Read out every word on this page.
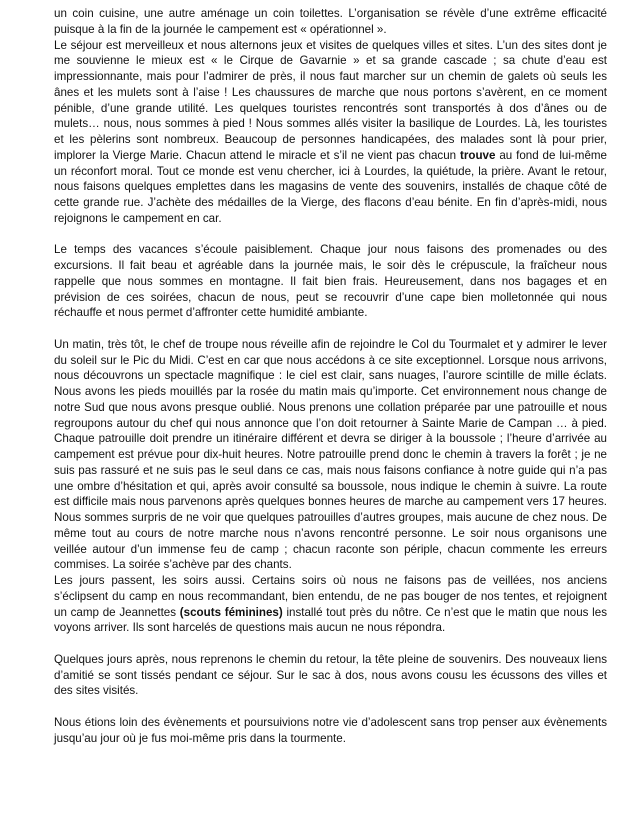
un coin cuisine, une autre aménage un coin toilettes. L’organisation se révèle d’une extrême efficacité puisque à la fin de la journée le campement est « opérationnel ».

Le séjour est merveilleux et nous alternons jeux et visites de quelques villes et sites. L’un des sites dont je me souvienne le mieux est « le Cirque de Gavarnie » et sa grande cascade ; sa chute d’eau est impressionnante, mais pour l’admirer de près, il nous faut marcher sur un chemin de galets où seuls les ânes et les mulets sont à l’aise ! Les chaussures de marche que nous portons s’avèrent, en ce moment pénible, d’une grande utilité. Les quelques touristes rencontrés sont transportés à dos d’ânes ou de mulets… nous, nous sommes à pied ! Nous sommes allés visiter la basilique de Lourdes. Là, les touristes et les pèlerins sont nombreux. Beaucoup de personnes handicapées, des malades sont là pour prier, implorer la Vierge Marie. Chacun attend le miracle et s’il ne vient pas chacun trouve au fond de lui-même un réconfort moral. Tout ce monde est venu chercher, ici à Lourdes, la quiétude, la prière. Avant le retour, nous faisons quelques emplettes dans les magasins de vente des souvenirs, installés de chaque côté de cette grande rue. J’achète des médailles de la Vierge, des flacons d’eau bénite. En fin d’après-midi, nous rejoignons le campement en car.

Le temps des vacances s’écoule paisiblement. Chaque jour nous faisons des promenades ou des excursions. Il fait beau et agréable dans la journée mais, le soir dès le crépuscule, la fraîcheur nous rappelle que nous sommes en montagne. Il fait bien frais. Heureusement, dans nos bagages et en prévision de ces soirées, chacun de nous, peut se recouvrir d’une cape bien molletonnée qui nous réchauffe et nous permet d’affronter cette humidité ambiante.

Un matin, très tôt, le chef de troupe nous réveille afin de rejoindre le Col du Tourmalet et y admirer le lever du soleil sur le Pic du Midi. C’est en car que nous accédons à ce site exceptionnel. Lorsque nous arrivons, nous découvrons un spectacle magnifique : le ciel est clair, sans nuages, l’aurore scintille de mille éclats. Nous avons les pieds mouillés par la rosée du matin mais qu’importe. Cet environnement nous change de notre Sud que nous avons presque oublié. Nous prenons une collation préparée par une patrouille et nous regroupons autour du chef qui nous annonce que l’on doit retourner à Sainte Marie de Campan … à pied. Chaque patrouille doit prendre un itinéraire différent et devra se diriger à la boussole ; l’heure d’arrivée au campement est prévue pour dix-huit heures. Notre patrouille prend donc le chemin à travers la forêt ; je ne suis pas rassuré et ne suis pas le seul dans ce cas, mais nous faisons confiance à notre guide qui n’a pas une ombre d’hésitation et qui, après avoir consulté sa boussole, nous indique le chemin à suivre. La route est difficile mais nous parvenons après quelques bonnes heures de marche au campement vers 17 heures. Nous sommes surpris de ne voir que quelques patrouilles d’autres groupes, mais aucune de chez nous. De même tout au cours de notre marche nous n’avons rencontré personne. Le soir nous organisons une veillée autour d’un immense feu de camp ; chacun raconte son périple, chacun commente les erreurs commises. La soirée s’achève par des chants.

Les jours passent, les soirs aussi. Certains soirs où nous ne faisons pas de veillées, nos anciens s’éclipsent du camp en nous recommandant, bien entendu, de ne pas bouger de nos tentes, et rejoignent un camp de Jeannettes (scouts féminines) installé tout près du nôtre. Ce n’est que le matin que nous les voyons arriver. Ils sont harcelés de questions mais aucun ne nous répondra.

Quelques jours après, nous reprenons le chemin du retour, la tête pleine de souvenirs. Des nouveaux liens d’amitié se sont tissés pendant ce séjour. Sur le sac à dos, nous avons cousu les écussons des villes et des sites visités.

Nous étions loin des évènements et poursuivions notre vie d’adolescent sans trop penser aux évènements jusqu’au jour où je fus moi-même pris dans la tourmente.
